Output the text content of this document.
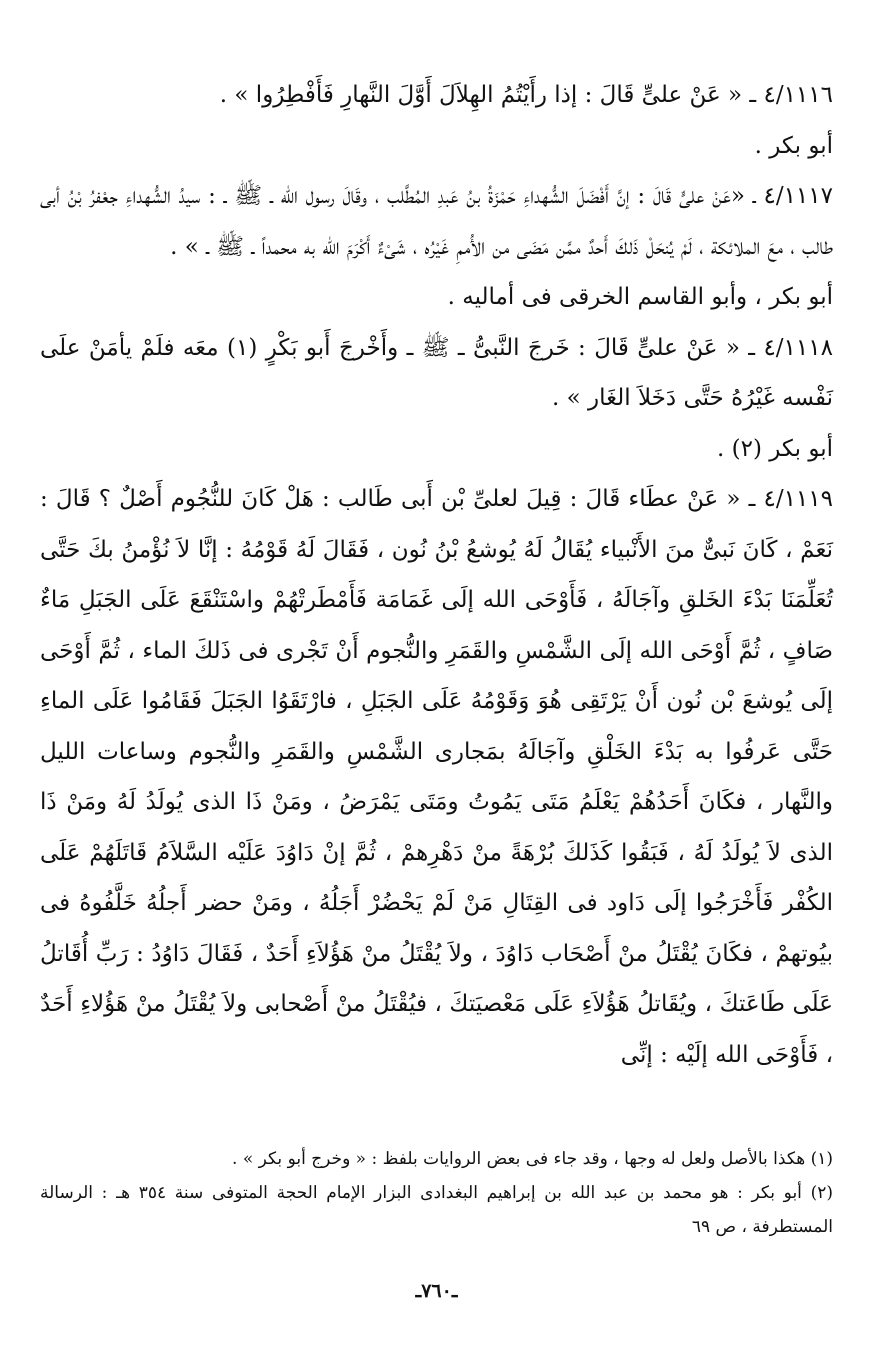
٤/١١١٦ ـ « عَنْ علىٍّ قَالَ : إذا رأَيْتُمُ الهِلاَلَ أَوَّلَ النَّهارِ فَأَفْطِرُوا » .

أبو بكر .

٤/١١١٧ ـ «عَنْ علىٍّ قَالَ : إنَّ أَفْضَلَ الشُّهداءِ حَمْزَةُ بنُ عَبدِ المُطَّلب ، وقَالَ رسول الله ـ ﷺ ـ : سيدُ الشُّهداءِ جعْفرُ بْنُ أبى طالب ، معَ الملائكة ، لَمْ يُنحَلْ ذَلكَ أَحدٌ ممَّن مَضَى من الأُممِ غَيْرُه ، شَىْءٌ أَكْرَمَ الله به محمداً ـ ﷺ ـ » .

أبو بكر ، وأبو القاسم الخرقى فى أماليه .

٤/١١١٨ ـ « عَنْ علىٍّ قَالَ : خَرجَ النَّبىُّ ـ ﷺ ـ وأَخْرجَ أَبو بَكْرٍ (١) معَه فلَمْ يأمَنْ علَى نَفْسه غَيْرُهُ حَتَّى دَخَلاَ الغَار » .

أبو بكر (٢) .

٤/١١١٩ ـ « عَنْ عطَاء قَالَ : قِيلَ لعلىِّ بْن أَبى طَالب : هَلْ كَانَ للنُّجُوم أَصْلٌ ؟ قَالَ : نَعَمْ ، كَانَ نَبىٌّ منَ الأَنْبياء يُقَالُ لَهُ يُوشعُ بْنُ نُون ، فَقَالَ لَهُ قَوْمُهُ : إنَّا لاَ نُؤْمنُ بكَ حَتَّى تُعَلِّمَنَا بَدْءَ الخَلقِ وآجَالَهُ ، فَأَوْحَى الله إلَى غَمَامَة فَأَمْطَرتْهُمْ واسْتَنْقَعَ عَلَى الجَبَلِ مَاءٌ صَافٍ ، ثُمَّ أَوْحَى الله إلَى الشَّمْسِ والقَمَرِ والنُّجوم أَنْ تَجْرى فى ذَلكَ الماء ، ثُمَّ أَوْحَى إلَى يُوشعَ بْن نُون أَنْ يَرْتَقِى هُوَ وَقَوْمُهُ عَلَى الجَبَلِ ، فارْتَقَوُا الجَبَلَ فَقَامُوا عَلَى الماءِ حَتَّى عَرفُوا به بَدْءَ الخَلْقِ وآجَالَهُ بمَجارى الشَّمْسِ والقَمَرِ والنُّجوم وساعات الليل والنَّهار ، فكَانَ أَحَدُهُمْ يَعْلَمُ مَتَى يَمُوتُ ومَتَى يَمْرَضُ ، ومَنْ ذَا الذى يُولَدُ لَهُ ومَنْ ذَا الذى لاَ يُولَدُ لَهُ ، فَبَقُوا كَذَلكَ بُرْهَةً منْ دَهْرِهمْ ، ثُمَّ إنْ دَاوُدَ عَلَيْه السَّلاَمُ قَاتَلَهُمْ عَلَى الكُفْر فَأَخْرَجُوا إلَى دَاود فى القِتَالِ مَنْ لَمْ يَحْضُرْ أَجَلُهُ ، ومَنْ حضر أَجلُهُ خَلَّفُوهُ فى بيُوتهمْ ، فكَانَ يُقْتَلُ منْ أَصْحَاب دَاوُدَ ، ولاَ يُقْتَلُ منْ هَؤُلاَءِ أَحَدٌ ، فَقَالَ دَاوُدُ : رَبِّ أُقَاتلُ عَلَى طَاعَتكَ ، ويُقَاتلُ هَؤُلاَءِ عَلَى مَعْصيَتكَ ، فيُقْتَلُ منْ أَصْحابى ولاَ يُقْتَلُ منْ هَؤُلاءِ أَحَدٌ ، فَأَوْحَى الله إلَيْه : إنِّى

(١) هكذا بالأصل ولعل له وجها ، وقد جاء فى بعض الروايات بلفظ : « وخرج أبو بكر » .

(٢) أبو بكر : هو محمد بن عبد الله بن إبراهيم البغدادى البزار الإمام الحجة المتوفى سنة ٣٥٤ هـ : الرسالة المستطرفة ، ص ٦٩

ـ٧٦٠ـ
